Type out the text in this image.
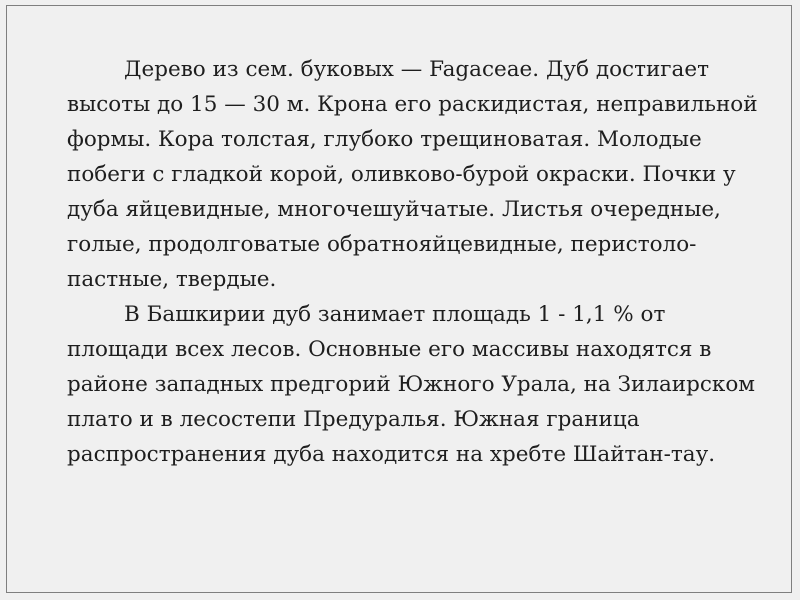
Дерево из сем. буковых — Fagaceae. Дуб достигает высоты до 15 — 30 м. Крона его раскидистая, неправильной формы. Кора толстая, глубоко трещиноватая. Молодые побеги с гладкой корой, оливково-бурой окраски. Почки у дуба яйцевидные, многочешуйчатые. Листья очередные, голые, продолговатые обратнояйцевидные, перистоло-пастные, твердые.

В Башкирии дуб занимает площадь 1 - 1,1 % от площади всех лесов. Основные его массивы находятся в районе западных предгорий Южного Урала, на Зилаирском плато и в лесостепи Предуралья. Южная граница распространения дуба находится на хребте Шайтан-тау.
